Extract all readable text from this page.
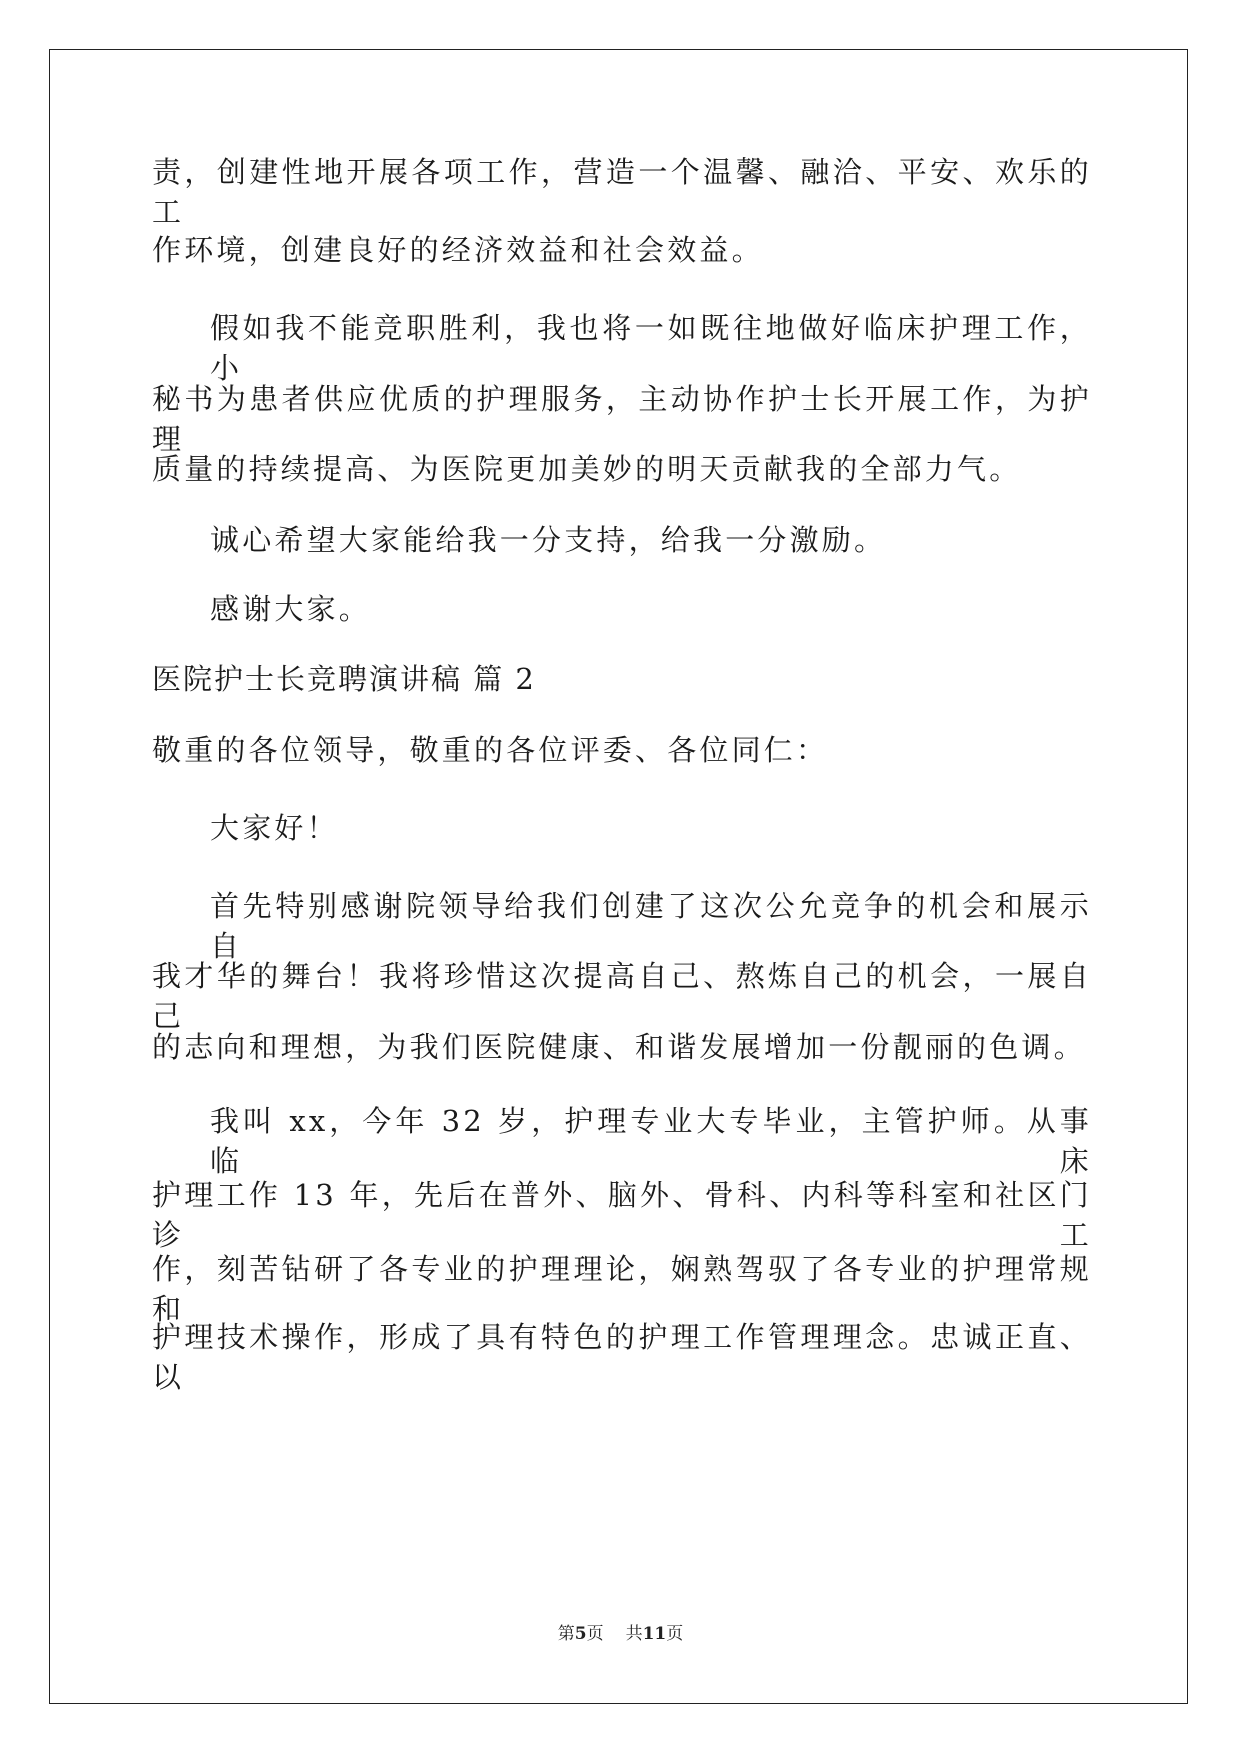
责，创建性地开展各项工作，营造一个温馨、融洽、平安、欢乐的工
作环境，创建良好的经济效益和社会效益。
假如我不能竞职胜利，我也将一如既往地做好临床护理工作，小
秘书为患者供应优质的护理服务，主动协作护士长开展工作，为护理
质量的持续提高、为医院更加美妙的明天贡献我的全部力气。
诚心希望大家能给我一分支持，给我一分激励。
感谢大家。
医院护士长竞聘演讲稿 篇 2
敬重的各位领导，敬重的各位评委、各位同仁：
大家好！
首先特别感谢院领导给我们创建了这次公允竞争的机会和展示自
我才华的舞台！我将珍惜这次提高自己、熬炼自己的机会，一展自己
的志向和理想，为我们医院健康、和谐发展增加一份靓丽的色调。
我叫 xx，今年 32 岁，护理专业大专毕业，主管护师。从事临床
护理工作 13 年，先后在普外、脑外、骨科、内科等科室和社区门诊工
作，刻苦钻研了各专业的护理理论，娴熟驾驭了各专业的护理常规和
护理技术操作，形成了具有特色的护理工作管理理念。忠诚正直、以
第5页 共11页
